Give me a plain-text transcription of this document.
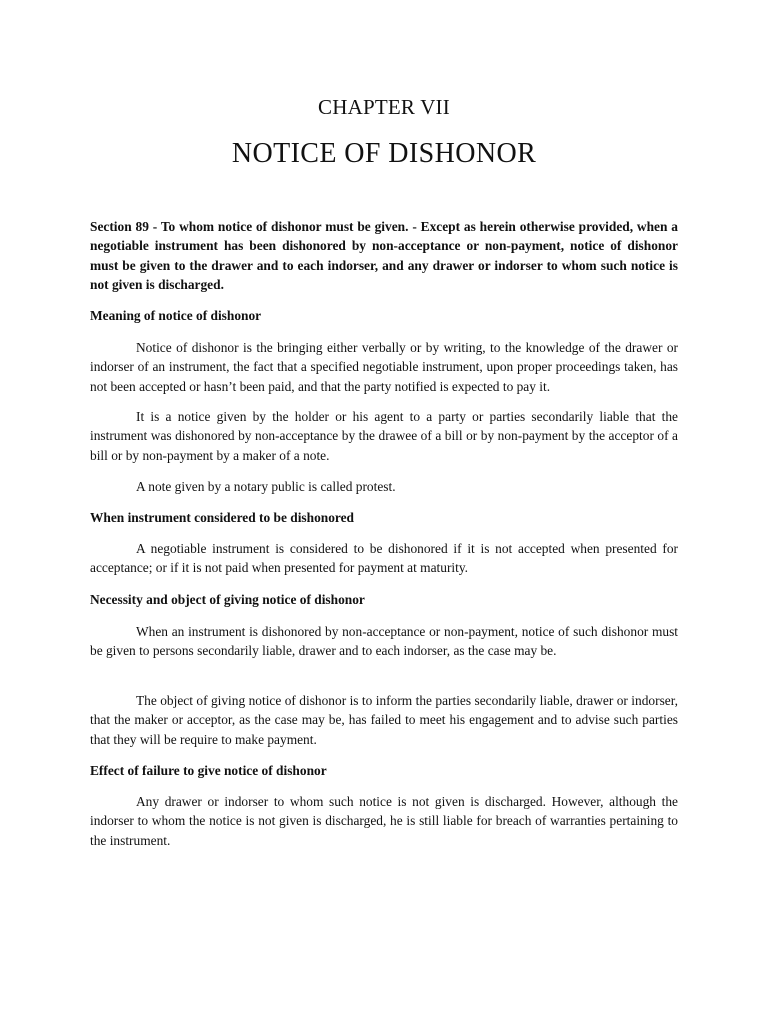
CHAPTER VII
NOTICE OF DISHONOR
Section 89 - To whom notice of dishonor must be given. - Except as herein otherwise provided, when a negotiable instrument has been dishonored by non-acceptance or non-payment, notice of dishonor must be given to the drawer and to each indorser, and any drawer or indorser to whom such notice is not given is discharged.
Meaning of notice of dishonor
Notice of dishonor is the bringing either verbally or by writing, to the knowledge of the drawer or indorser of an instrument, the fact that a specified negotiable instrument, upon proper proceedings taken, has not been accepted or hasn’t been paid, and that the party notified is expected to pay it.
It is a notice given by the holder or his agent to a party or parties secondarily liable that the instrument was dishonored by non-acceptance by the drawee of a bill or by non-payment by the acceptor of a bill or by non-payment by a maker of a note.
A note given by a notary public is called protest.
When instrument considered to be dishonored
A negotiable instrument is considered to be dishonored if it is not accepted when presented for acceptance; or if it is not paid when presented for payment at maturity.
Necessity and object of giving notice of dishonor
When an instrument is dishonored by non-acceptance or non-payment, notice of such dishonor must be given to persons secondarily liable, drawer and to each indorser, as the case may be.
The object of giving notice of dishonor is to inform the parties secondarily liable, drawer or indorser, that the maker or acceptor, as the case may be, has failed to meet his engagement and to advise such parties that they will be require to make payment.
Effect of failure to give notice of dishonor
Any drawer or indorser to whom such notice is not given is discharged. However, although the indorser to whom the notice is not given is discharged, he is still liable for breach of warranties pertaining to the instrument.
